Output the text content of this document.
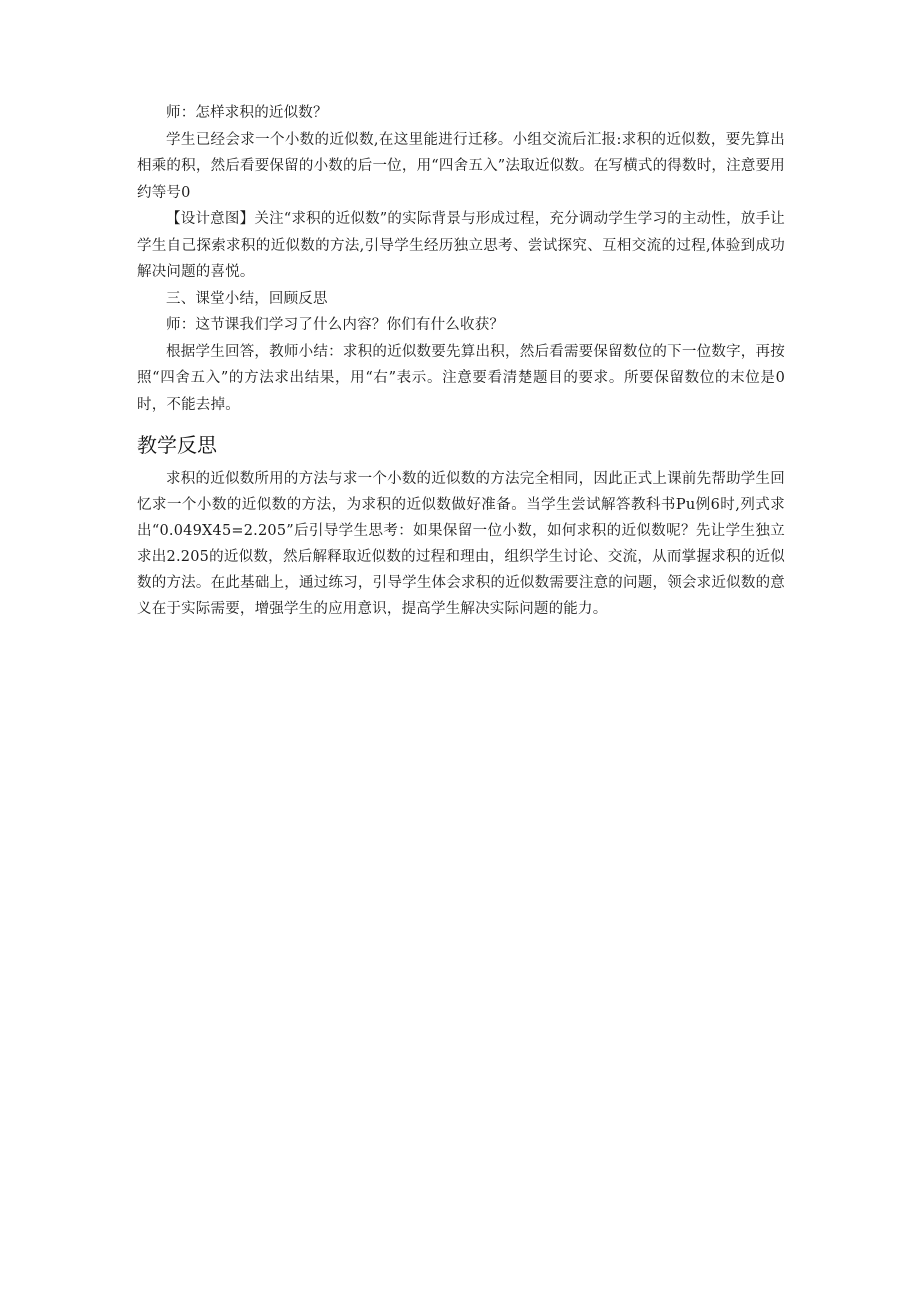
师：怎样求积的近似数？

学生已经会求一个小数的近似数,在这里能进行迁移。小组交流后汇报:求积的近似数，要先算出相乘的积，然后看要保留的小数的后一位，用“四舍五入”法取近似数。在写横式的得数时，注意要用约等号0

【设计意图】关注“求积的近似数”的实际背景与形成过程，充分调动学生学习的主动性，放手让学生自己探索求积的近似数的方法,引导学生经历独立思考、尝试探究、互相交流的过程,体验到成功解决问题的喜悦。

三、课堂小结，回顾反思

师：这节课我们学习了什么内容？你们有什么收获？

根据学生回答，教师小结：求积的近似数要先算出积，然后看需要保留数位的下一位数字，再按照“四舍五入”的方法求出结果，用“右”表示。注意要看清楚题目的要求。所要保留数位的末位是0时，不能去掉。

教学反思

求积的近似数所用的方法与求一个小数的近似数的方法完全相同，因此正式上课前先帮助学生回忆求一个小数的近似数的方法，为求积的近似数做好准备。当学生尝试解答教科书Pu例6时,列式求出“0.049X45=2.205”后引导学生思考：如果保留一位小数，如何求积的近似数呢？先让学生独立求出2.205的近似数，然后解释取近似数的过程和理由，组织学生讨论、交流，从而掌握求积的近似数的方法。在此基础上，通过练习，引导学生体会求积的近似数需要注意的问题，领会求近似数的意义在于实际需要，增强学生的应用意识，提高学生解决实际问题的能力。
